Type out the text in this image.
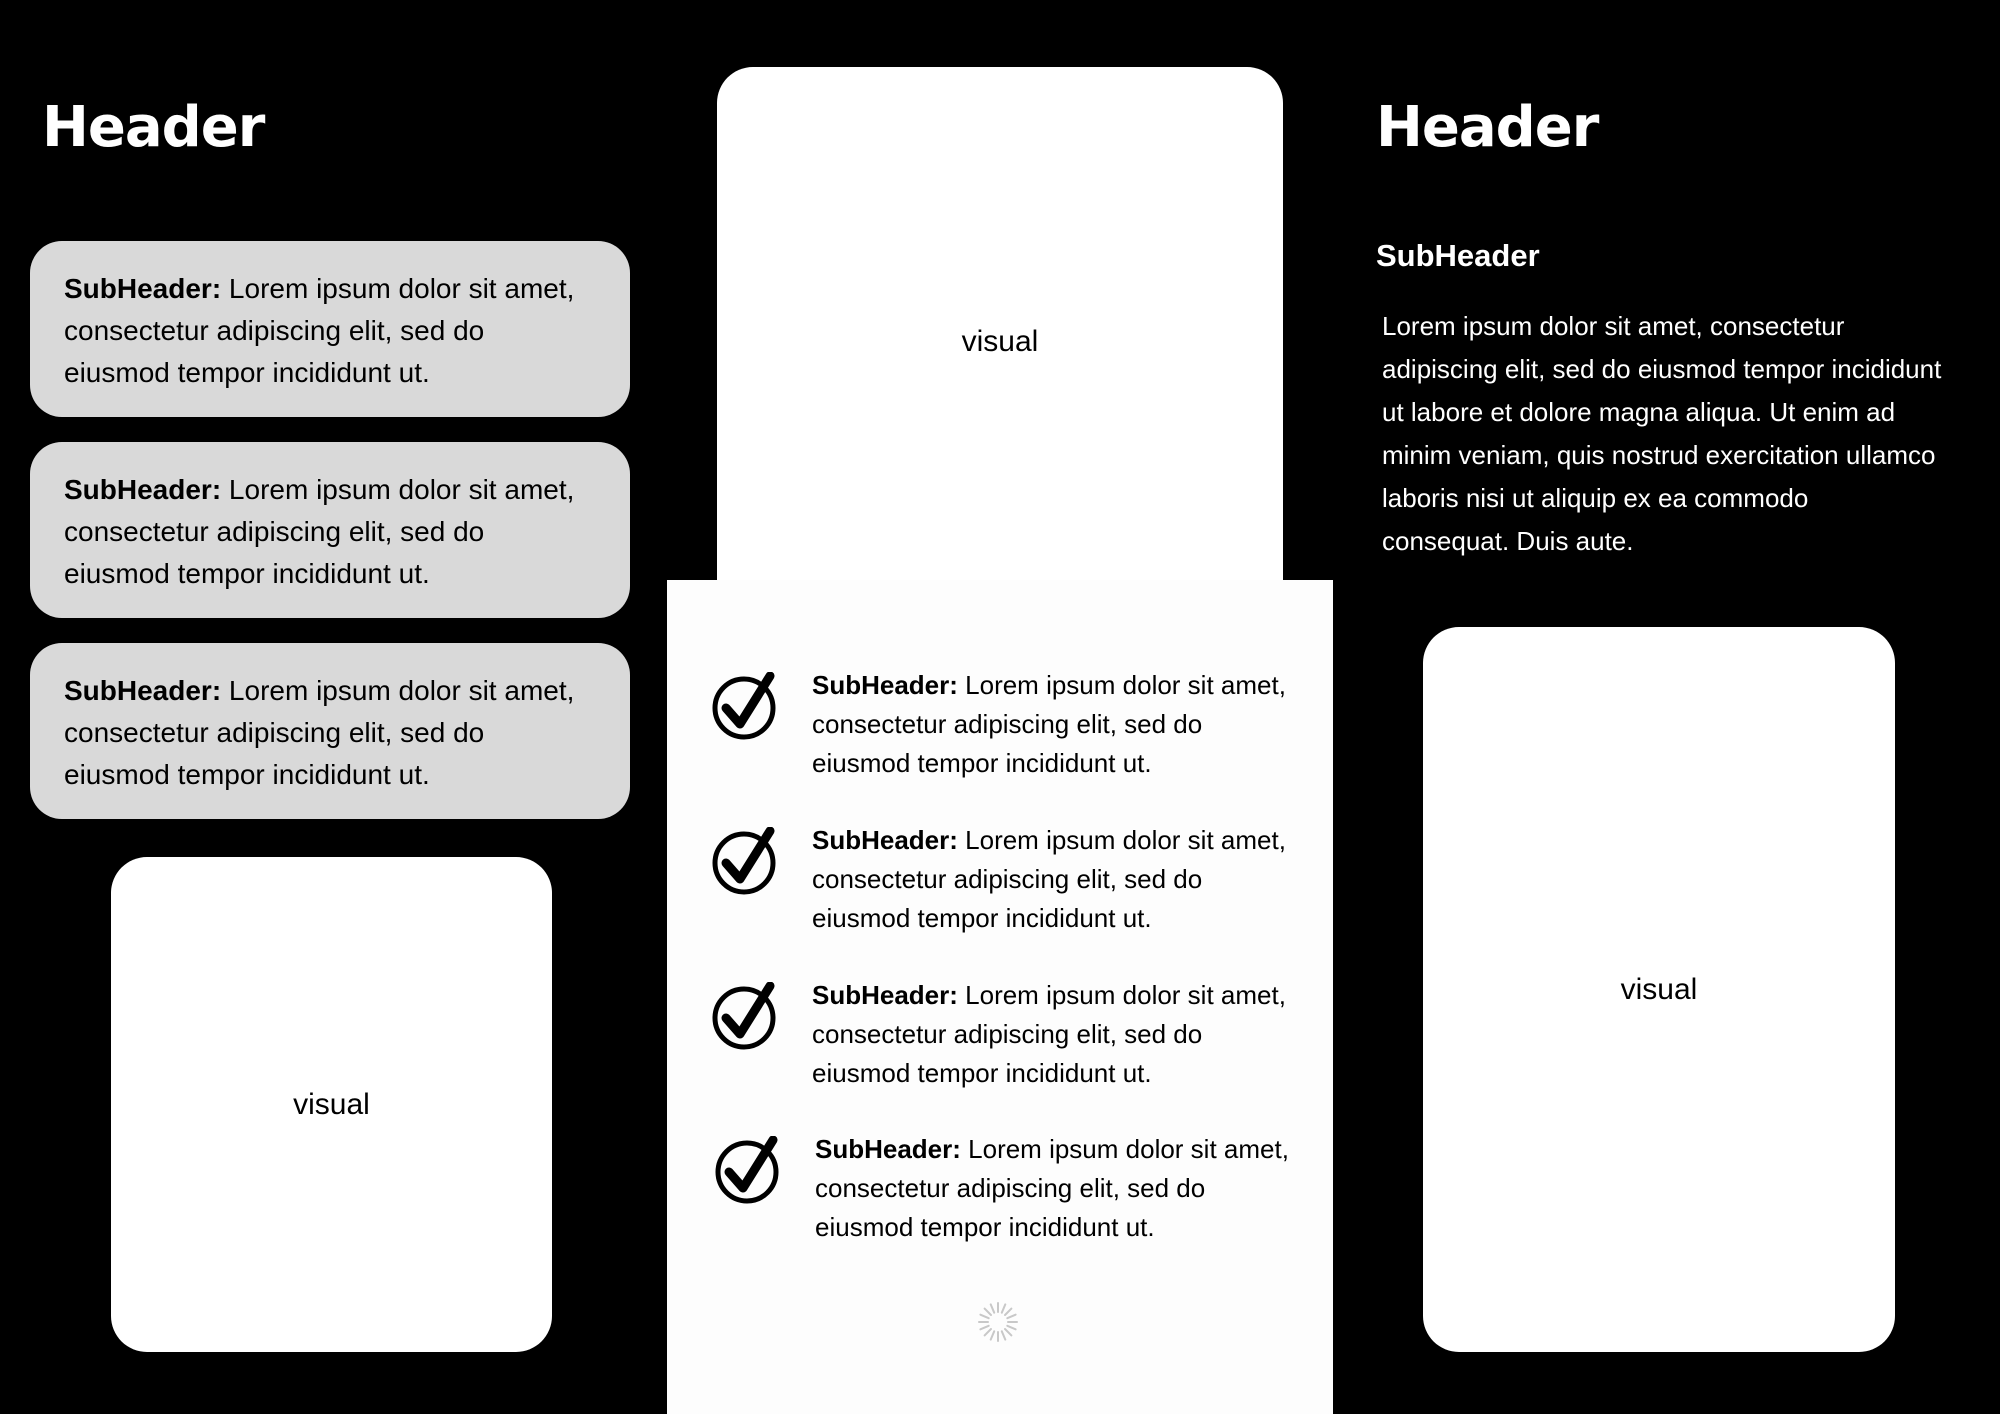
Header
SubHeader: Lorem ipsum dolor sit amet, consectetur adipiscing elit, sed do eiusmod tempor incididunt ut.
SubHeader: Lorem ipsum dolor sit amet, consectetur adipiscing elit, sed do eiusmod tempor incididunt ut.
SubHeader: Lorem ipsum dolor sit amet, consectetur adipiscing elit, sed do eiusmod tempor incididunt ut.
visual
visual
SubHeader: Lorem ipsum dolor sit amet, consectetur adipiscing elit, sed do eiusmod tempor incididunt ut.
SubHeader: Lorem ipsum dolor sit amet, consectetur adipiscing elit, sed do eiusmod tempor incididunt ut.
SubHeader: Lorem ipsum dolor sit amet, consectetur adipiscing elit, sed do eiusmod tempor incididunt ut.
SubHeader: Lorem ipsum dolor sit amet, consectetur adipiscing elit, sed do eiusmod tempor incididunt ut.
Header
SubHeader
Lorem ipsum dolor sit amet, consectetur adipiscing elit, sed do eiusmod tempor incididunt ut labore et dolore magna aliqua. Ut enim ad minim veniam, quis nostrud exercitation ullamco laboris nisi ut aliquip ex ea commodo consequat. Duis aute.
visual
